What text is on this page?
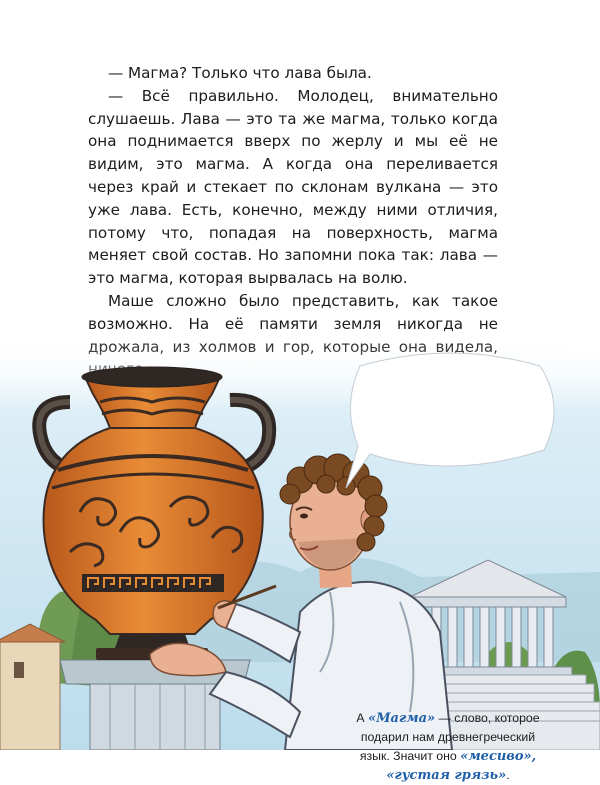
— Магма? Только что лава была.

— Всё правильно. Молодец, внимательно слушаешь. Лава — это та же магма, только когда она поднимается вверх по жерлу и мы её не видим, это магма. А когда она переливается через край и стекает по склонам вулкана — это уже лава. Есть, конечно, между ними отличия, потому что, попадая на поверхность, магма меняет свой состав. Но запомни пока так: лава — это магма, которая вырвалась на волю.

Маше сложно было представить, как такое возможно. На её памяти земля никогда не

А «Магма» — слово, которое подарил нам древнегреческий язык. Значит оно «месиво», «густая грязь».
